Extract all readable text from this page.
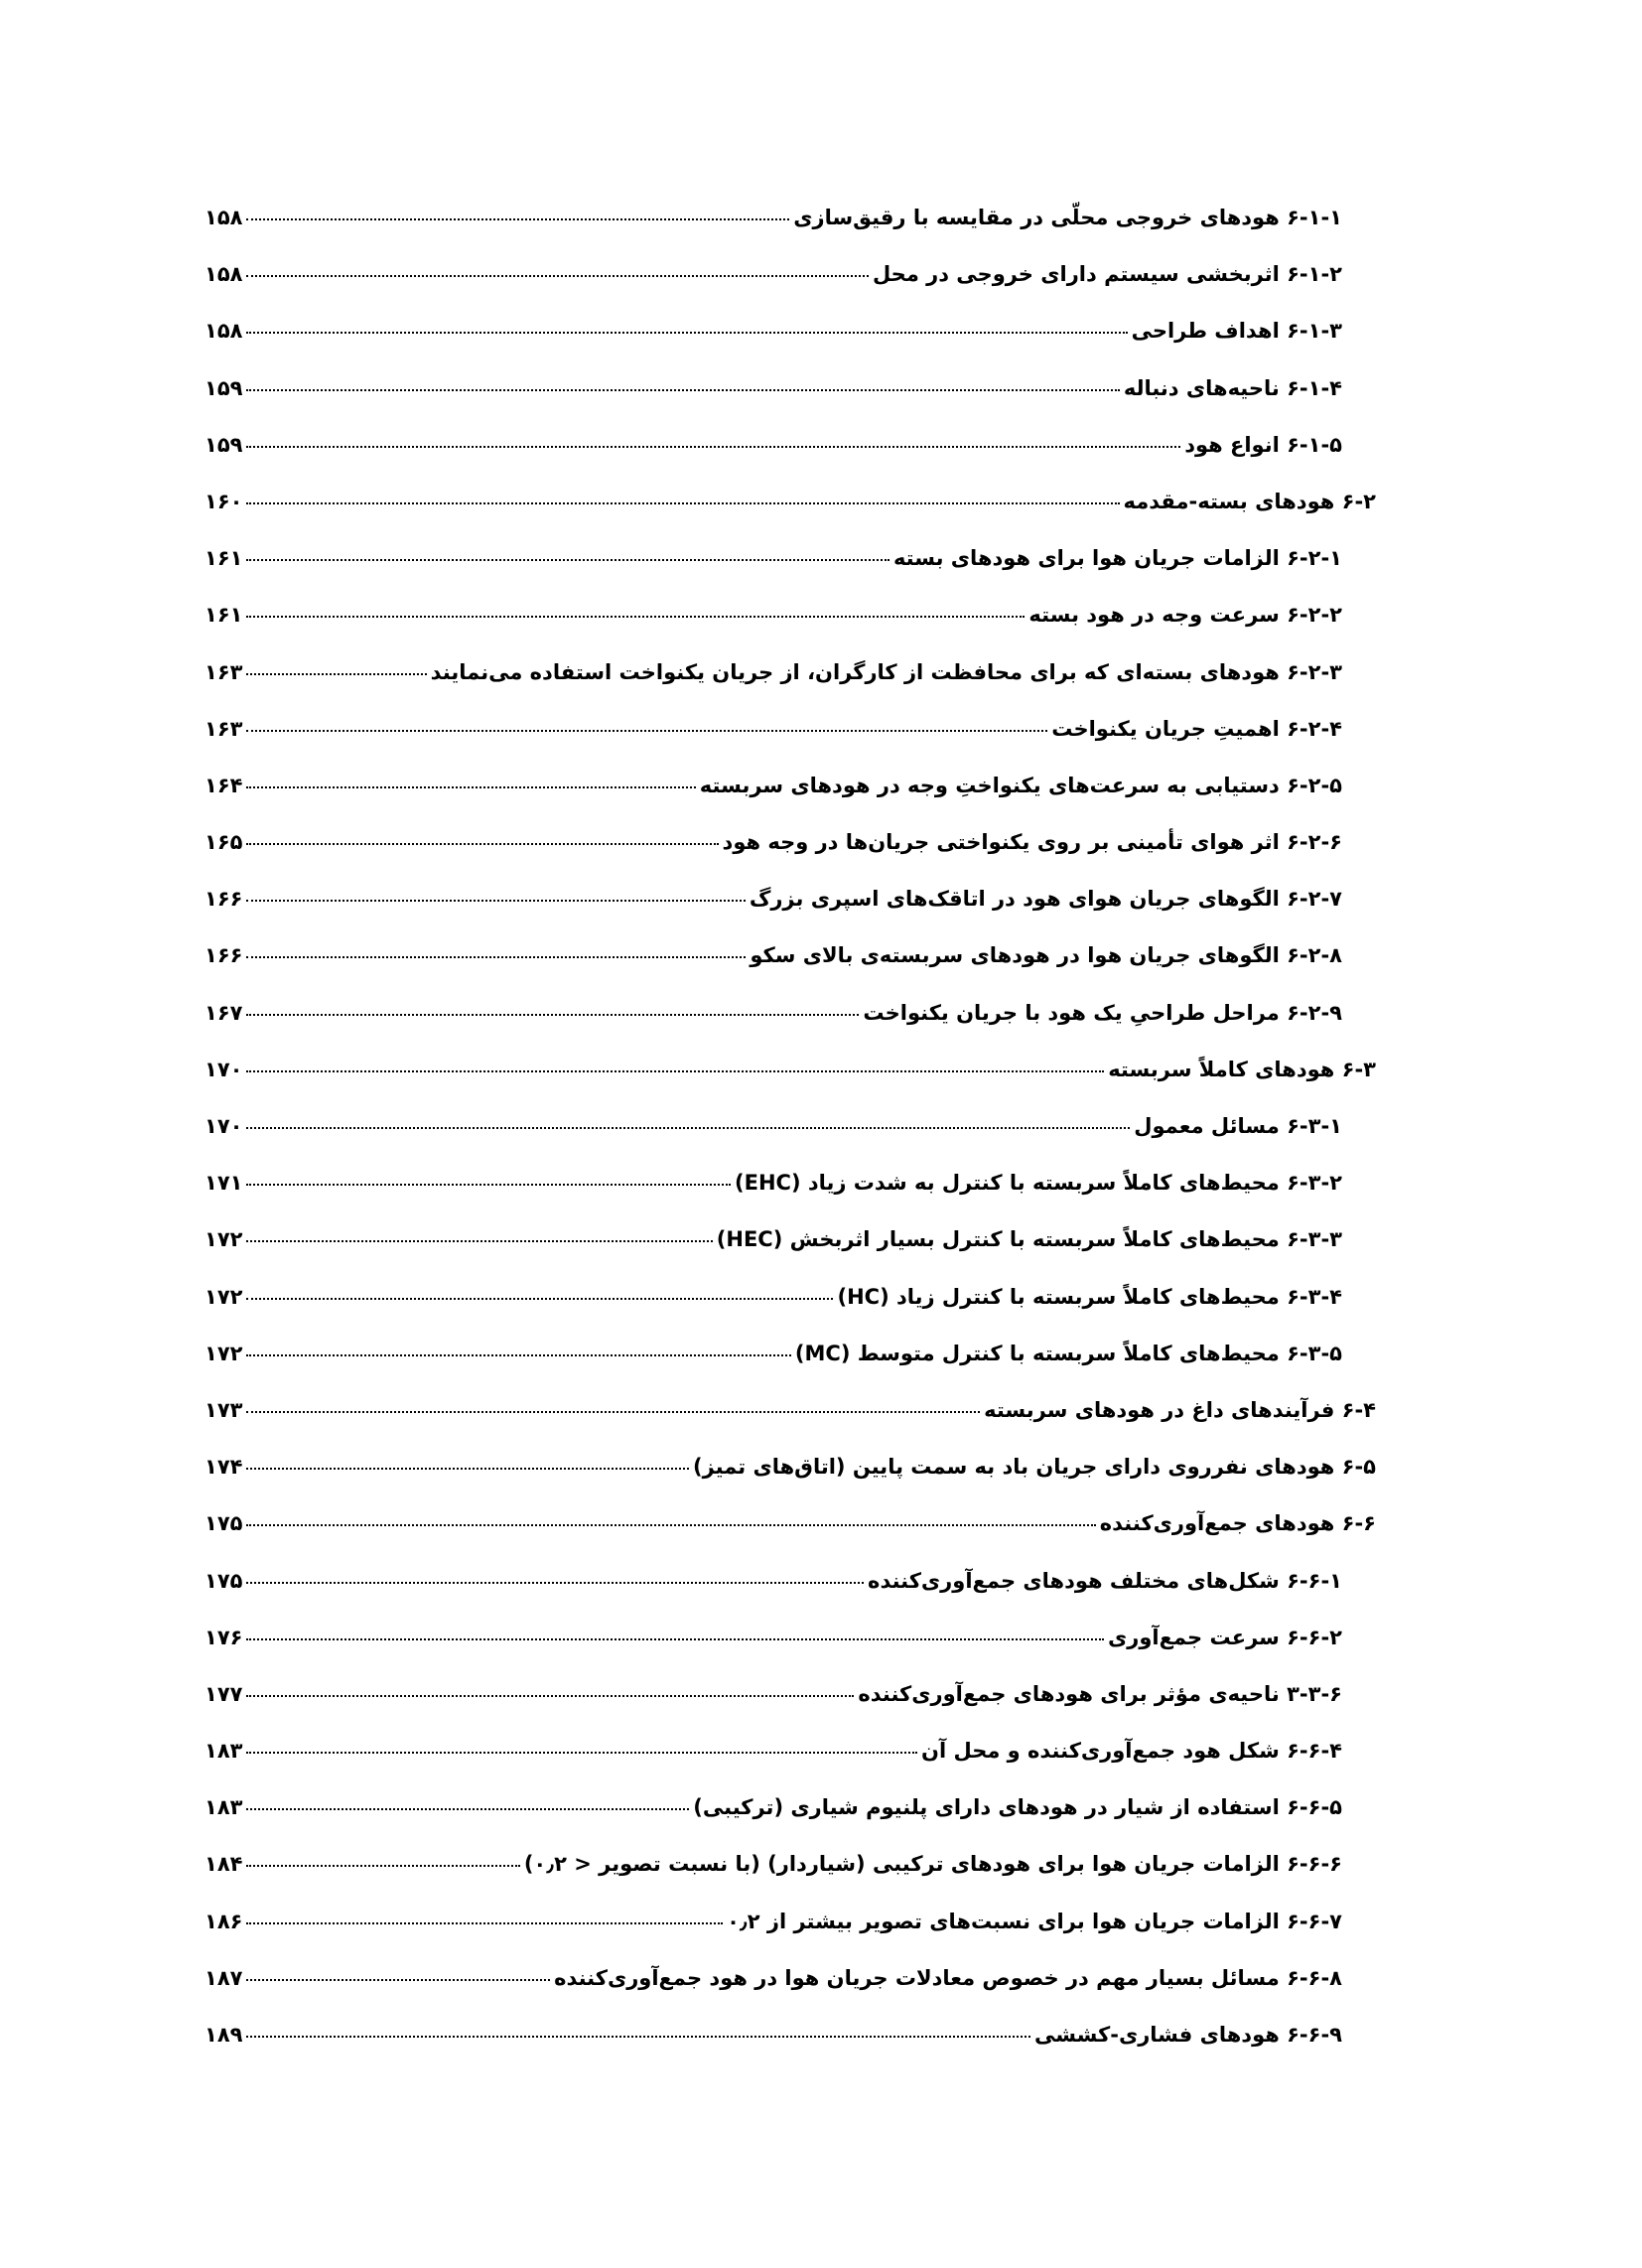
۶-۱-۱ هودهای خروجی محلّی در مقایسه با رقیق‌سازی
۱۵۸
۶-۱-۲ اثربخشی سیستم دارای خروجی در محل
۱۵۸
۶-۱-۳ اهداف طراحی
۱۵۸
۶-۱-۴ ناحیه‌های دنباله
۱۵۹
۶-۱-۵ انواع هود
۱۵۹
۶-۲ هودهای بسته-مقدمه
۱۶۰
۶-۲-۱ الزامات جریان هوا برای هودهای بسته
۱۶۱
۶-۲-۲ سرعت وجه در هود بسته
۱۶۱
۶-۲-۳ هودهای بسته‌ای که برای محافظت از کارگران، از جریان یکنواخت استفاده می‌نمایند
۱۶۳
۶-۲-۴ اهمیتِ جریان یکنواخت
۱۶۳
۶-۲-۵ دستیابی به سرعت‌های یکنواختِ وجه در هودهای سربسته
۱۶۴
۶-۲-۶ اثر هوای تأمینی بر روی یکنواختی جریان‌ها در وجه هود
۱۶۵
۶-۲-۷ الگوهای جریان هوای هود در اتاقک‌های اسپری بزرگ
۱۶۶
۶-۲-۸ الگوهای جریان هوا در هودهای سربسته‌ی بالای سکو
۱۶۶
۶-۲-۹ مراحل طراحیِ یک هود با جریان یکنواخت
۱۶۷
۶-۳ هودهای کاملاً سربسته
۱۷۰
۶-۳-۱ مسائل معمول
۱۷۰
۶-۳-۲ محیط‌های کاملاً سربسته با کنترل به شدت زیاد (EHC)
۱۷۱
۶-۳-۳ محیط‌های کاملاً سربسته با کنترل بسیار اثربخش (HEC)
۱۷۲
۶-۳-۴ محیط‌های کاملاً سربسته با کنترل زیاد (HC)
۱۷۲
۶-۳-۵ محیط‌های کاملاً سربسته با کنترل متوسط (MC)
۱۷۲
۶-۴ فرآیندهای داغ در هودهای سربسته
۱۷۳
۶-۵ هودهای نفرروی دارای جریان باد به سمت پایین (اتاق‌های تمیز)
۱۷۴
۶-۶ هودهای جمع‌آوری‌کننده
۱۷۵
۶-۶-۱ شکل‌های مختلف هودهای جمع‌آوری‌کننده
۱۷۵
۶-۶-۲ سرعت جمع‌آوری
۱۷۶
۳-۳-۶ ناحیه‌ی مؤثر برای هودهای جمع‌آوری‌کننده
۱۷۷
۶-۶-۴ شکل هود جمع‌آوری‌کننده و محل آن
۱۸۳
۶-۶-۵ استفاده از شیار در هودهای دارای پلنیوم شیاری (ترکیبی)
۱۸۳
۶-۶-۶ الزامات جریان هوا برای هودهای ترکیبی (شیاردار) (با نسبت تصویر < ۰٫۲)
۱۸۴
۶-۶-۷ الزامات جریان هوا برای نسبت‌های تصویر بیشتر از ۰٫۲
۱۸۶
۶-۶-۸ مسائل بسیار مهم در خصوص معادلات جریان هوا در هود جمع‌آوری‌کننده
۱۸۷
۶-۶-۹ هودهای فشاری-کششی
۱۸۹
